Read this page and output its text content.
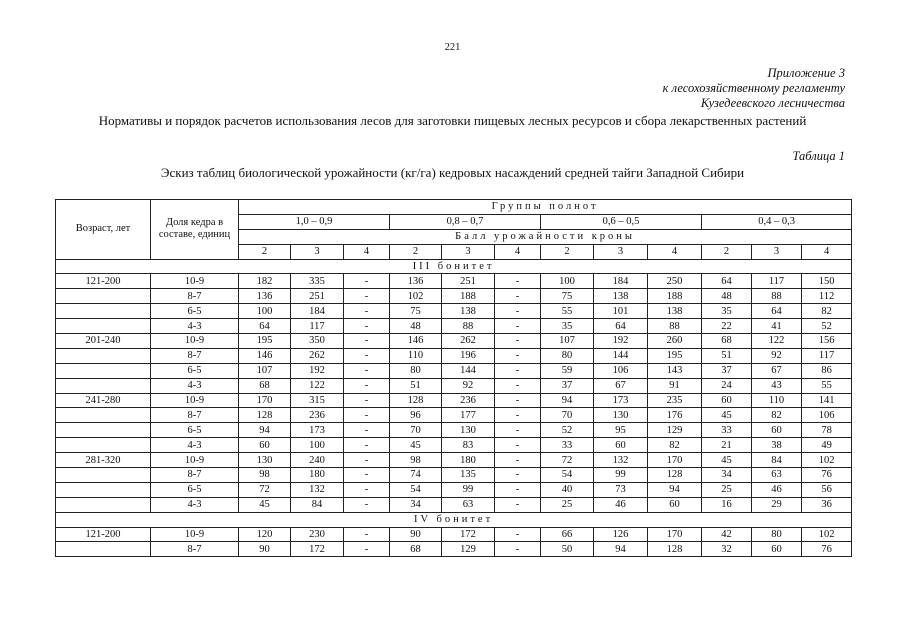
221
Приложение 3
к лесохозяйственному регламенту
Кузедеевского лесничества
Нормативы и порядок расчетов использования лесов для заготовки пищевых лесных ресурсов и сбора лекарственных растений
Таблица 1
Эскиз таблиц биологической урожайности (кг/га) кедровых насаждений средней тайги Западной Сибири
Возраст, лет	Доля кедра в составе, единиц	Группы полнот											
		1,0 – 0,9			0,8 – 0,7			0,6 – 0,5			0,4 – 0,3		
		Балл урожайности кроны											
		2	3	4	2	3	4	2	3	4	2	3	4
III бонитет													
121-200	10-9	182	335	-	136	251	-	100	184	250	64	117	150
	8-7	136	251	-	102	188	-	75	138	188	48	88	112
	6-5	100	184	-	75	138	-	55	101	138	35	64	82
	4-3	64	117	-	48	88	-	35	64	88	22	41	52
201-240	10-9	195	350	-	146	262	-	107	192	260	68	122	156
	8-7	146	262	-	110	196	-	80	144	195	51	92	117
	6-5	107	192	-	80	144	-	59	106	143	37	67	86
	4-3	68	122	-	51	92	-	37	67	91	24	43	55
241-280	10-9	170	315	-	128	236	-	94	173	235	60	110	141
	8-7	128	236	-	96	177	-	70	130	176	45	82	106
	6-5	94	173	-	70	130	-	52	95	129	33	60	78
	4-3	60	100	-	45	83	-	33	60	82	21	38	49
281-320	10-9	130	240	-	98	180	-	72	132	170	45	84	102
	8-7	98	180	-	74	135	-	54	99	128	34	63	76
	6-5	72	132	-	54	99	-	40	73	94	25	46	56
	4-3	45	84	-	34	63	-	25	46	60	16	29	36
IV бонитет													
121-200	10-9	120	230	-	90	172	-	66	126	170	42	80	102
	8-7	90	172	-	68	129	-	50	94	128	32	60	76
